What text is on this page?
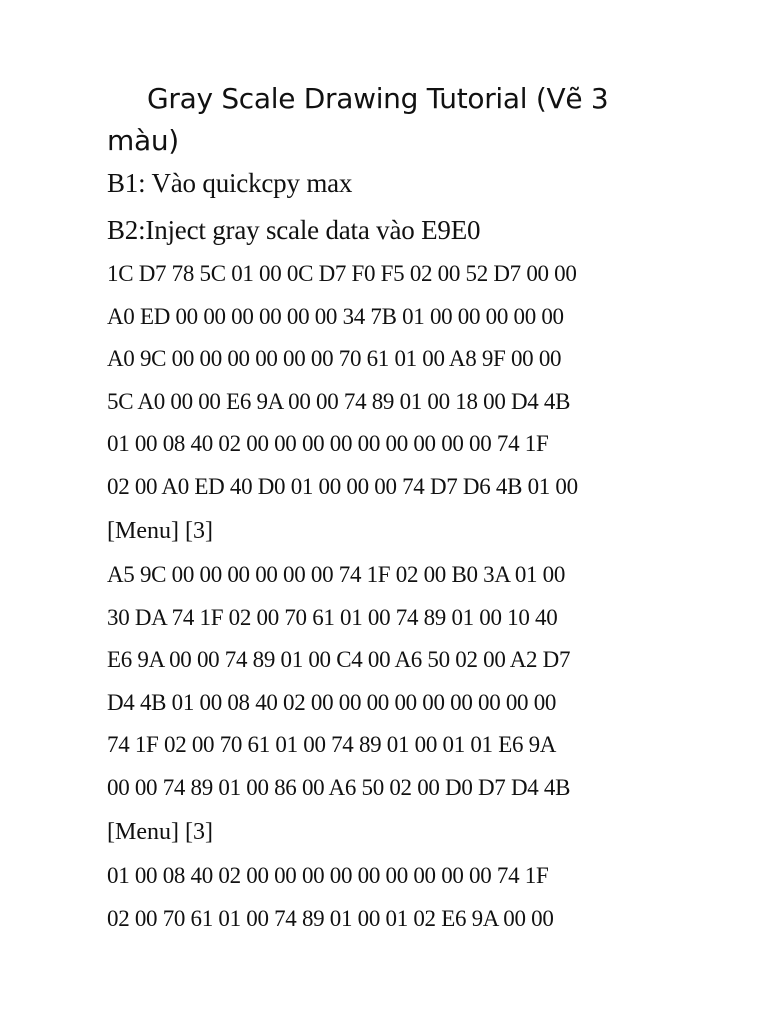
Gray Scale Drawing Tutorial (Vẽ 3
màu)

B1: Vào quickcpy max

B2:Inject gray scale data vào E9E0

1C D7 78 5C 01 00 0C D7 F0 F5 02 00 52 D7 00 00

A0 ED 00 00 00 00 00 00 34 7B 01 00 00 00 00 00

A0 9C 00 00 00 00 00 00 70 61 01 00 A8 9F 00 00

5C A0 00 00 E6 9A 00 00 74 89 01 00 18 00 D4 4B

01 00 08 40 02 00 00 00 00 00 00 00 00 00 74 1F

02 00 A0 ED 40 D0 01 00 00 00 74 D7 D6 4B 01 00

[Menu] [3]

A5 9C 00 00 00 00 00 00 74 1F 02 00 B0 3A 01 00

30 DA 74 1F 02 00 70 61 01 00 74 89 01 00 10 40

E6 9A 00 00 74 89 01 00 C4 00 A6 50 02 00 A2 D7

D4 4B 01 00 08 40 02 00 00 00 00 00 00 00 00 00

74 1F 02 00 70 61 01 00 74 89 01 00 01 01 E6 9A

00 00 74 89 01 00 86 00 A6 50 02 00 D0 D7 D4 4B

[Menu] [3]

01 00 08 40 02 00 00 00 00 00 00 00 00 00 74 1F

02 00 70 61 01 00 74 89 01 00 01 02 E6 9A 00 00
